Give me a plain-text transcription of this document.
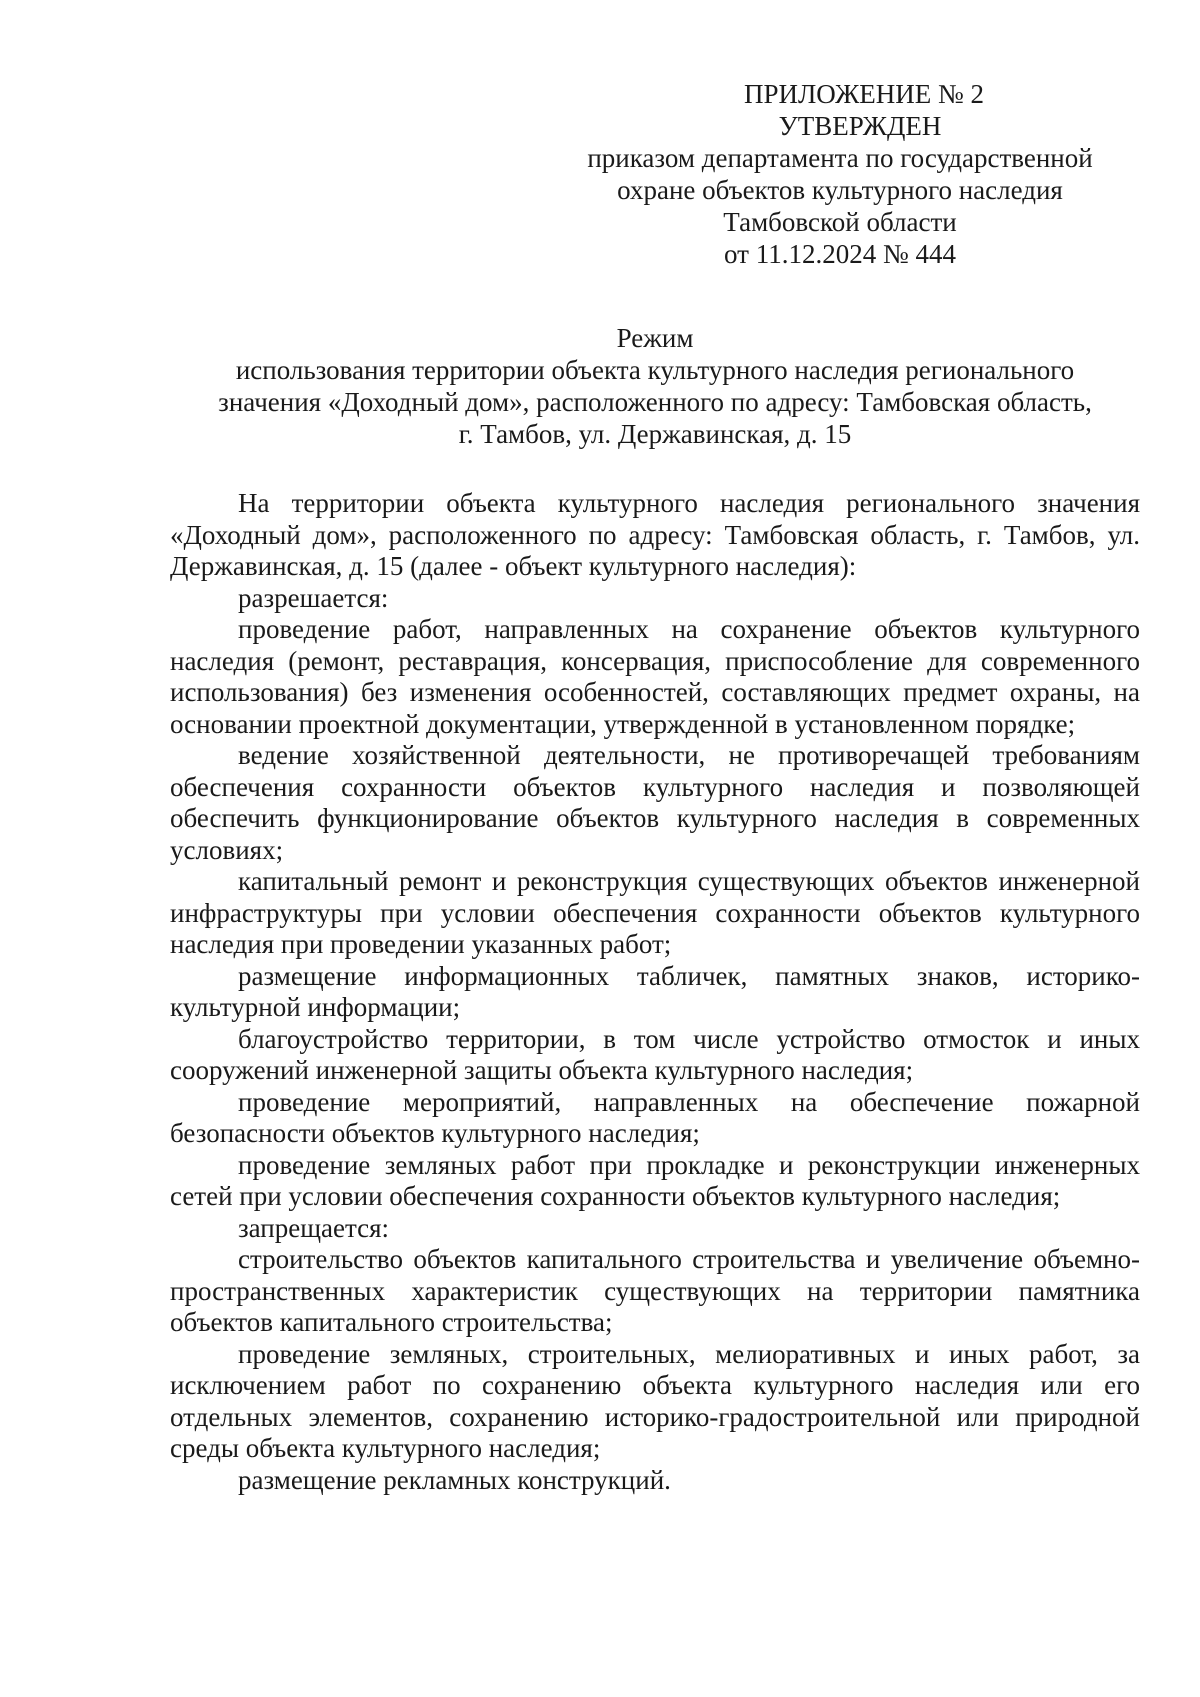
ПРИЛОЖЕНИЕ № 2
УТВЕРЖДЕН
приказом департамента по государственной
охране объектов культурного наследия
Тамбовской области
от 11.12.2024 № 444
Режим
использования территории объекта культурного наследия регионального
значения «Доходный дом», расположенного по адресу: Тамбовская область,
г. Тамбов, ул. Державинская, д. 15

На территории объекта культурного наследия регионального значения «Доходный дом», расположенного по адресу: Тамбовская область, г. Тамбов, ул. Державинская, д. 15 (далее - объект культурного наследия):

разрешается:

проведение работ, направленных на сохранение объектов культурного наследия (ремонт, реставрация, консервация, приспособление для современного использования) без изменения особенностей, составляющих предмет охраны, на основании проектной документации, утвержденной в установленном порядке;

ведение хозяйственной деятельности, не противоречащей требованиям обеспечения сохранности объектов культурного наследия и позволяющей обеспечить функционирование объектов культурного наследия в современных условиях;

капитальный ремонт и реконструкция существующих объектов инженерной инфраструктуры при условии обеспечения сохранности объектов культурного наследия при проведении указанных работ;

размещение информационных табличек, памятных знаков, историко-культурной информации;

благоустройство территории, в том числе устройство отмосток и иных сооружений инженерной защиты объекта культурного наследия;

проведение мероприятий, направленных на обеспечение пожарной безопасности объектов культурного наследия;

проведение земляных работ при прокладке и реконструкции инженерных сетей при условии обеспечения сохранности объектов культурного наследия;

запрещается:

строительство объектов капитального строительства и увеличение объемно-пространственных характеристик существующих на территории памятника объектов капитального строительства;

проведение земляных, строительных, мелиоративных и иных работ, за исключением работ по сохранению объекта культурного наследия или его отдельных элементов, сохранению историко-градостроительной или природной среды объекта культурного наследия;

размещение рекламных конструкций.
